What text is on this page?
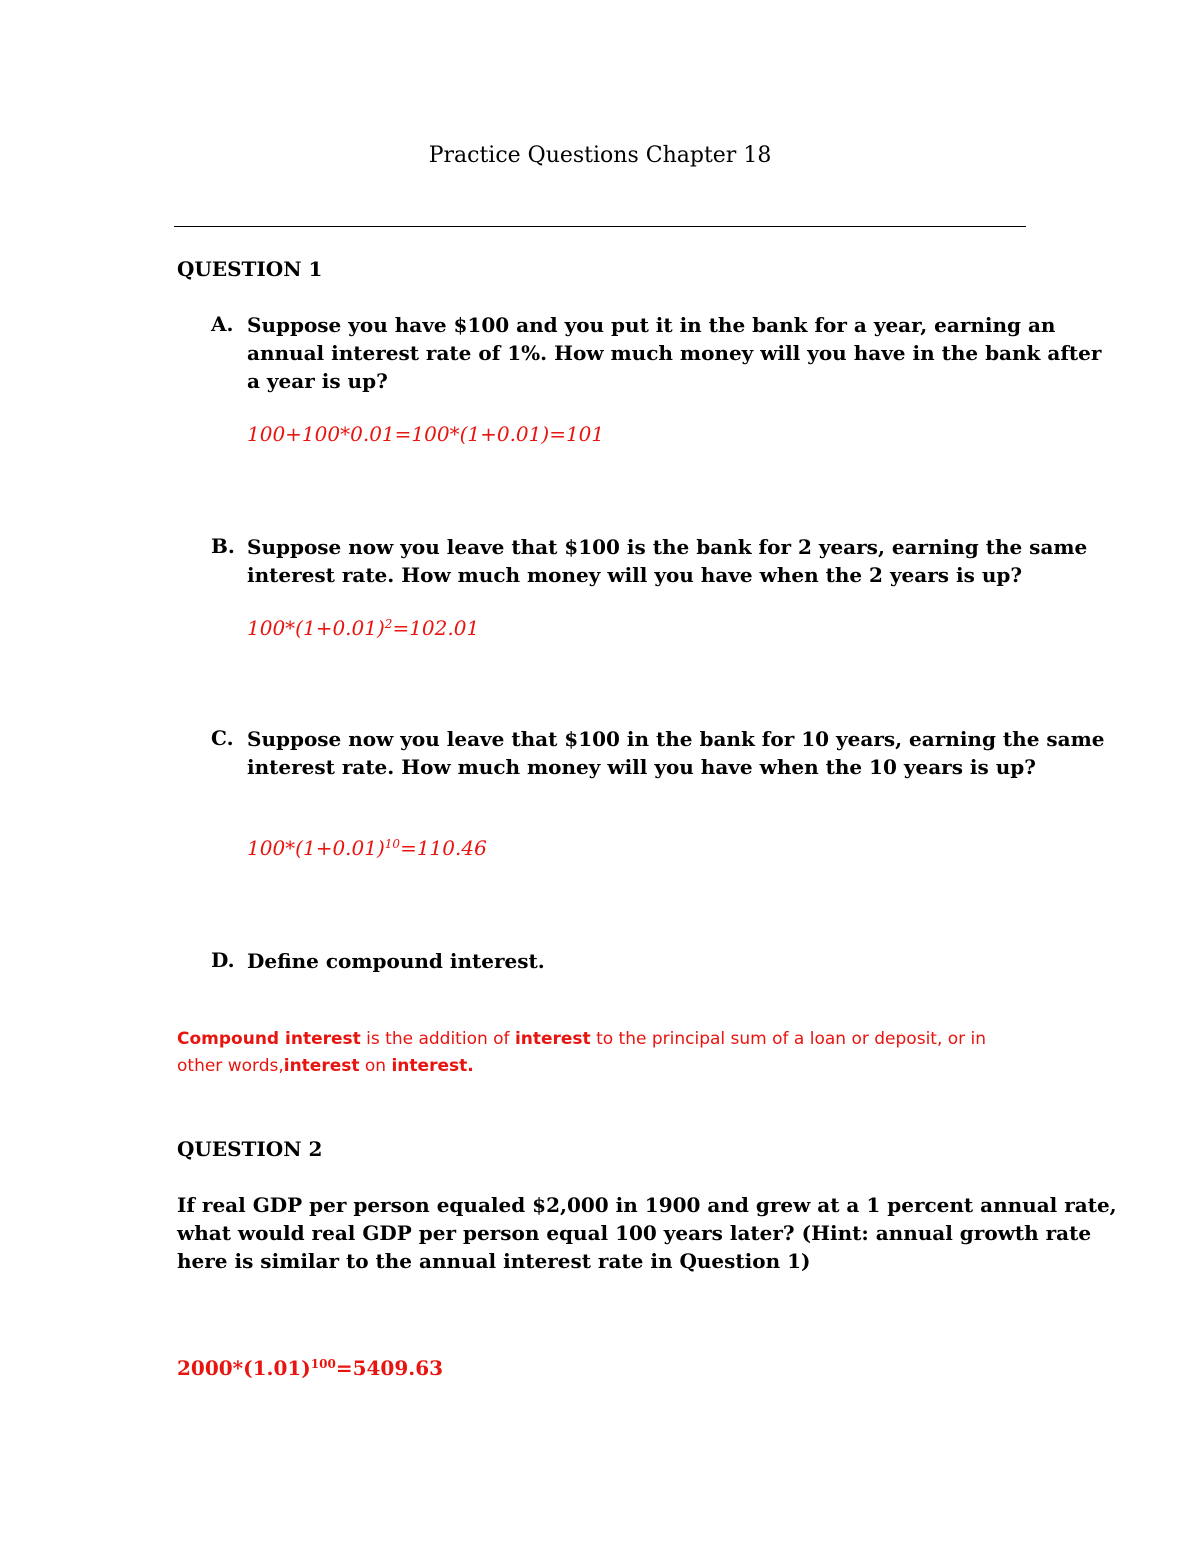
Practice Questions Chapter 18
QUESTION 1
A. Suppose you have $100 and you put it in the bank for a year, earning an
annual interest rate of 1%. How much money will you have in the bank after
a year is up?
100+100*0.01=100*(1+0.01)=101
B. Suppose now you leave that $100 is the bank for 2 years, earning the same
interest rate. How much money will you have when the 2 years is up?
$100*(1+0.01)^2=102.01$
C. Suppose now you leave that $100 in the bank for 10 years, earning the same
interest rate. How much money will you have when the 10 years is up?
$100*(1+0.01)^{10}=110.46$
D. Define compound interest.
Compound interest is the addition of interest to the principal sum of a loan or deposit, or in
other words,interest on interest.
QUESTION 2
If real GDP per person equaled $2,000 in 1900 and grew at a 1 percent annual rate,
what would real GDP per person equal 100 years later? (Hint: annual growth rate
here is similar to the annual interest rate in Question 1)
$2000*(1.01)^{100}=5409.63$
